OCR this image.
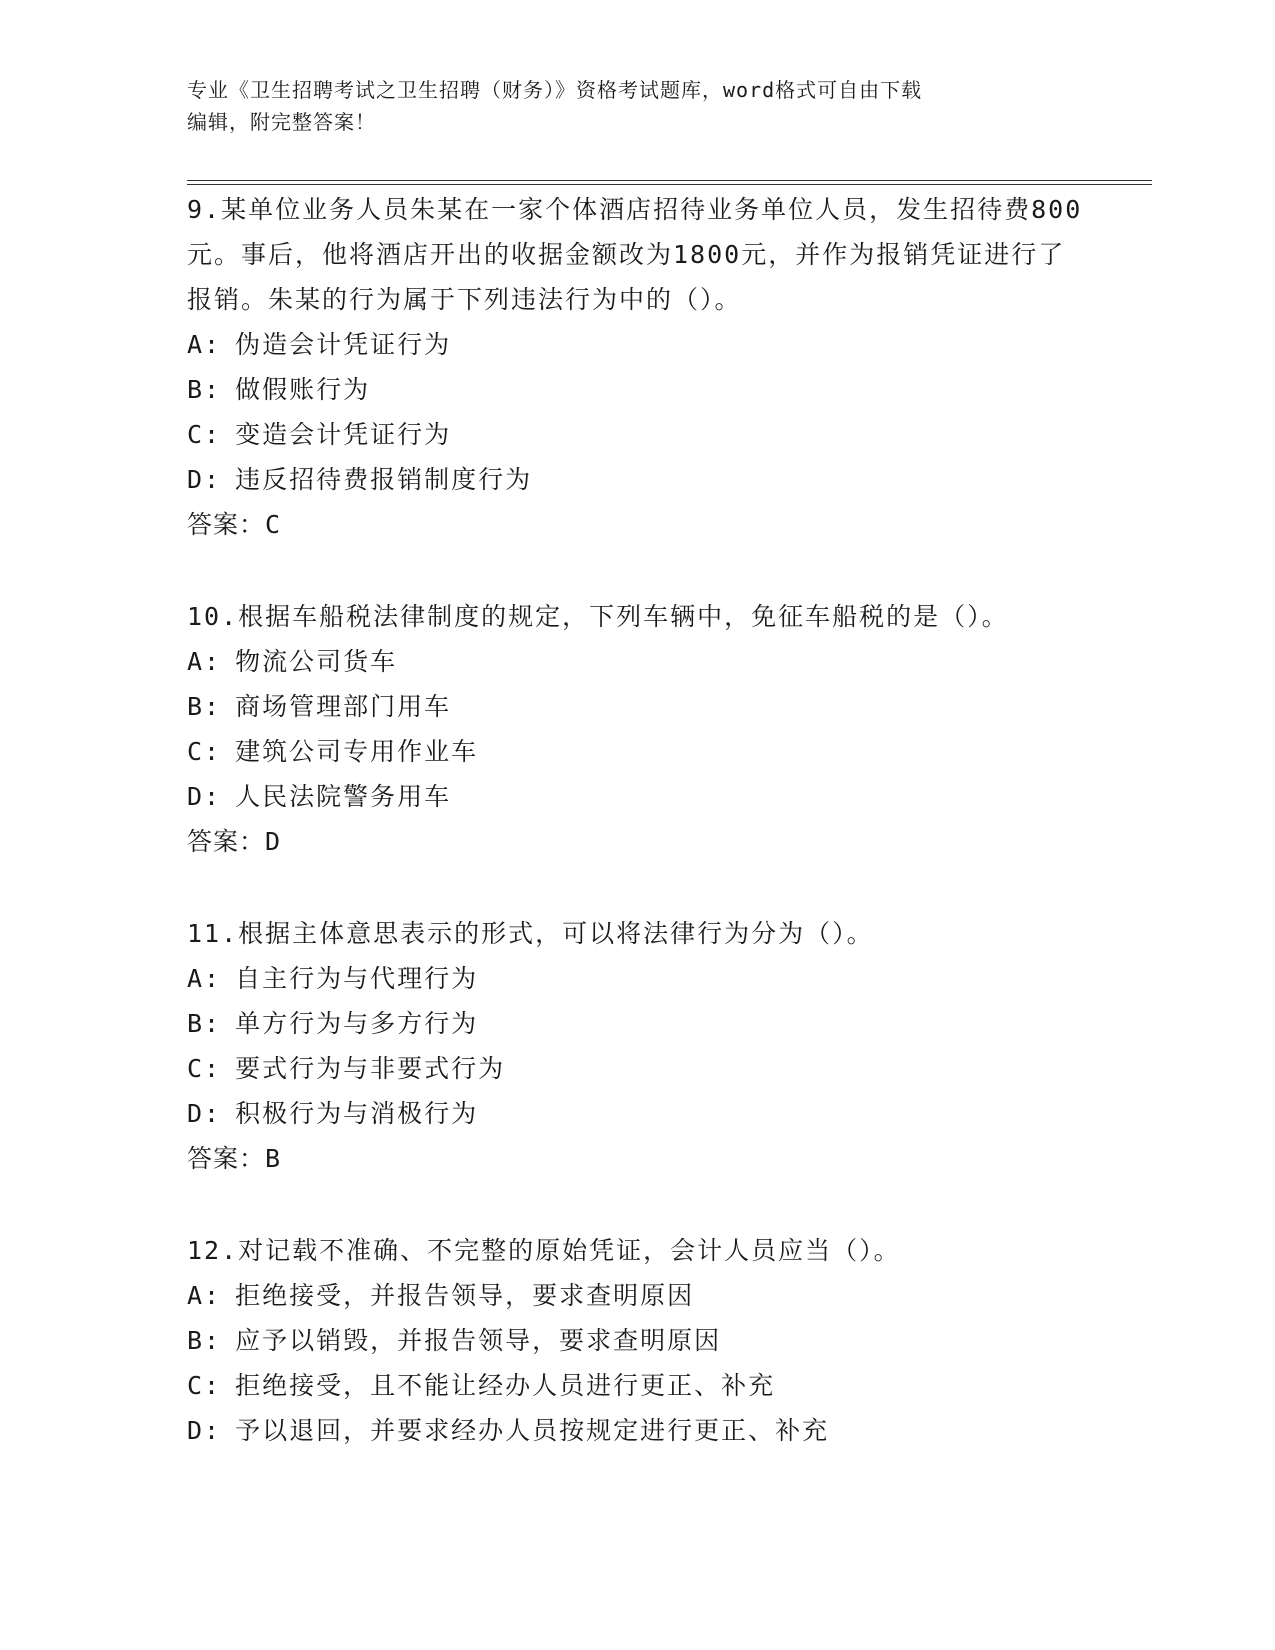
专业《卫生招聘考试之卫生招聘（财务）》资格考试题库，word格式可自由下载
编辑，附完整答案！
9.某单位业务人员朱某在一家个体酒店招待业务单位人员，发生招待费800元。事后，他将酒店开出的收据金额改为1800元，并作为报销凭证进行了报销。朱某的行为属于下列违法行为中的（）。
A: 伪造会计凭证行为
B: 做假账行为
C: 变造会计凭证行为
D: 违反招待费报销制度行为
答案：C
10.根据车船税法律制度的规定，下列车辆中，免征车船税的是（）。
A: 物流公司货车
B: 商场管理部门用车
C: 建筑公司专用作业车
D: 人民法院警务用车
答案：D
11.根据主体意思表示的形式，可以将法律行为分为（）。
A: 自主行为与代理行为
B: 单方行为与多方行为
C: 要式行为与非要式行为
D: 积极行为与消极行为
答案：B
12.对记载不准确、不完整的原始凭证，会计人员应当（）。
A: 拒绝接受，并报告领导，要求查明原因
B: 应予以销毁，并报告领导，要求查明原因
C: 拒绝接受，且不能让经办人员进行更正、补充
D: 予以退回，并要求经办人员按规定进行更正、补充
